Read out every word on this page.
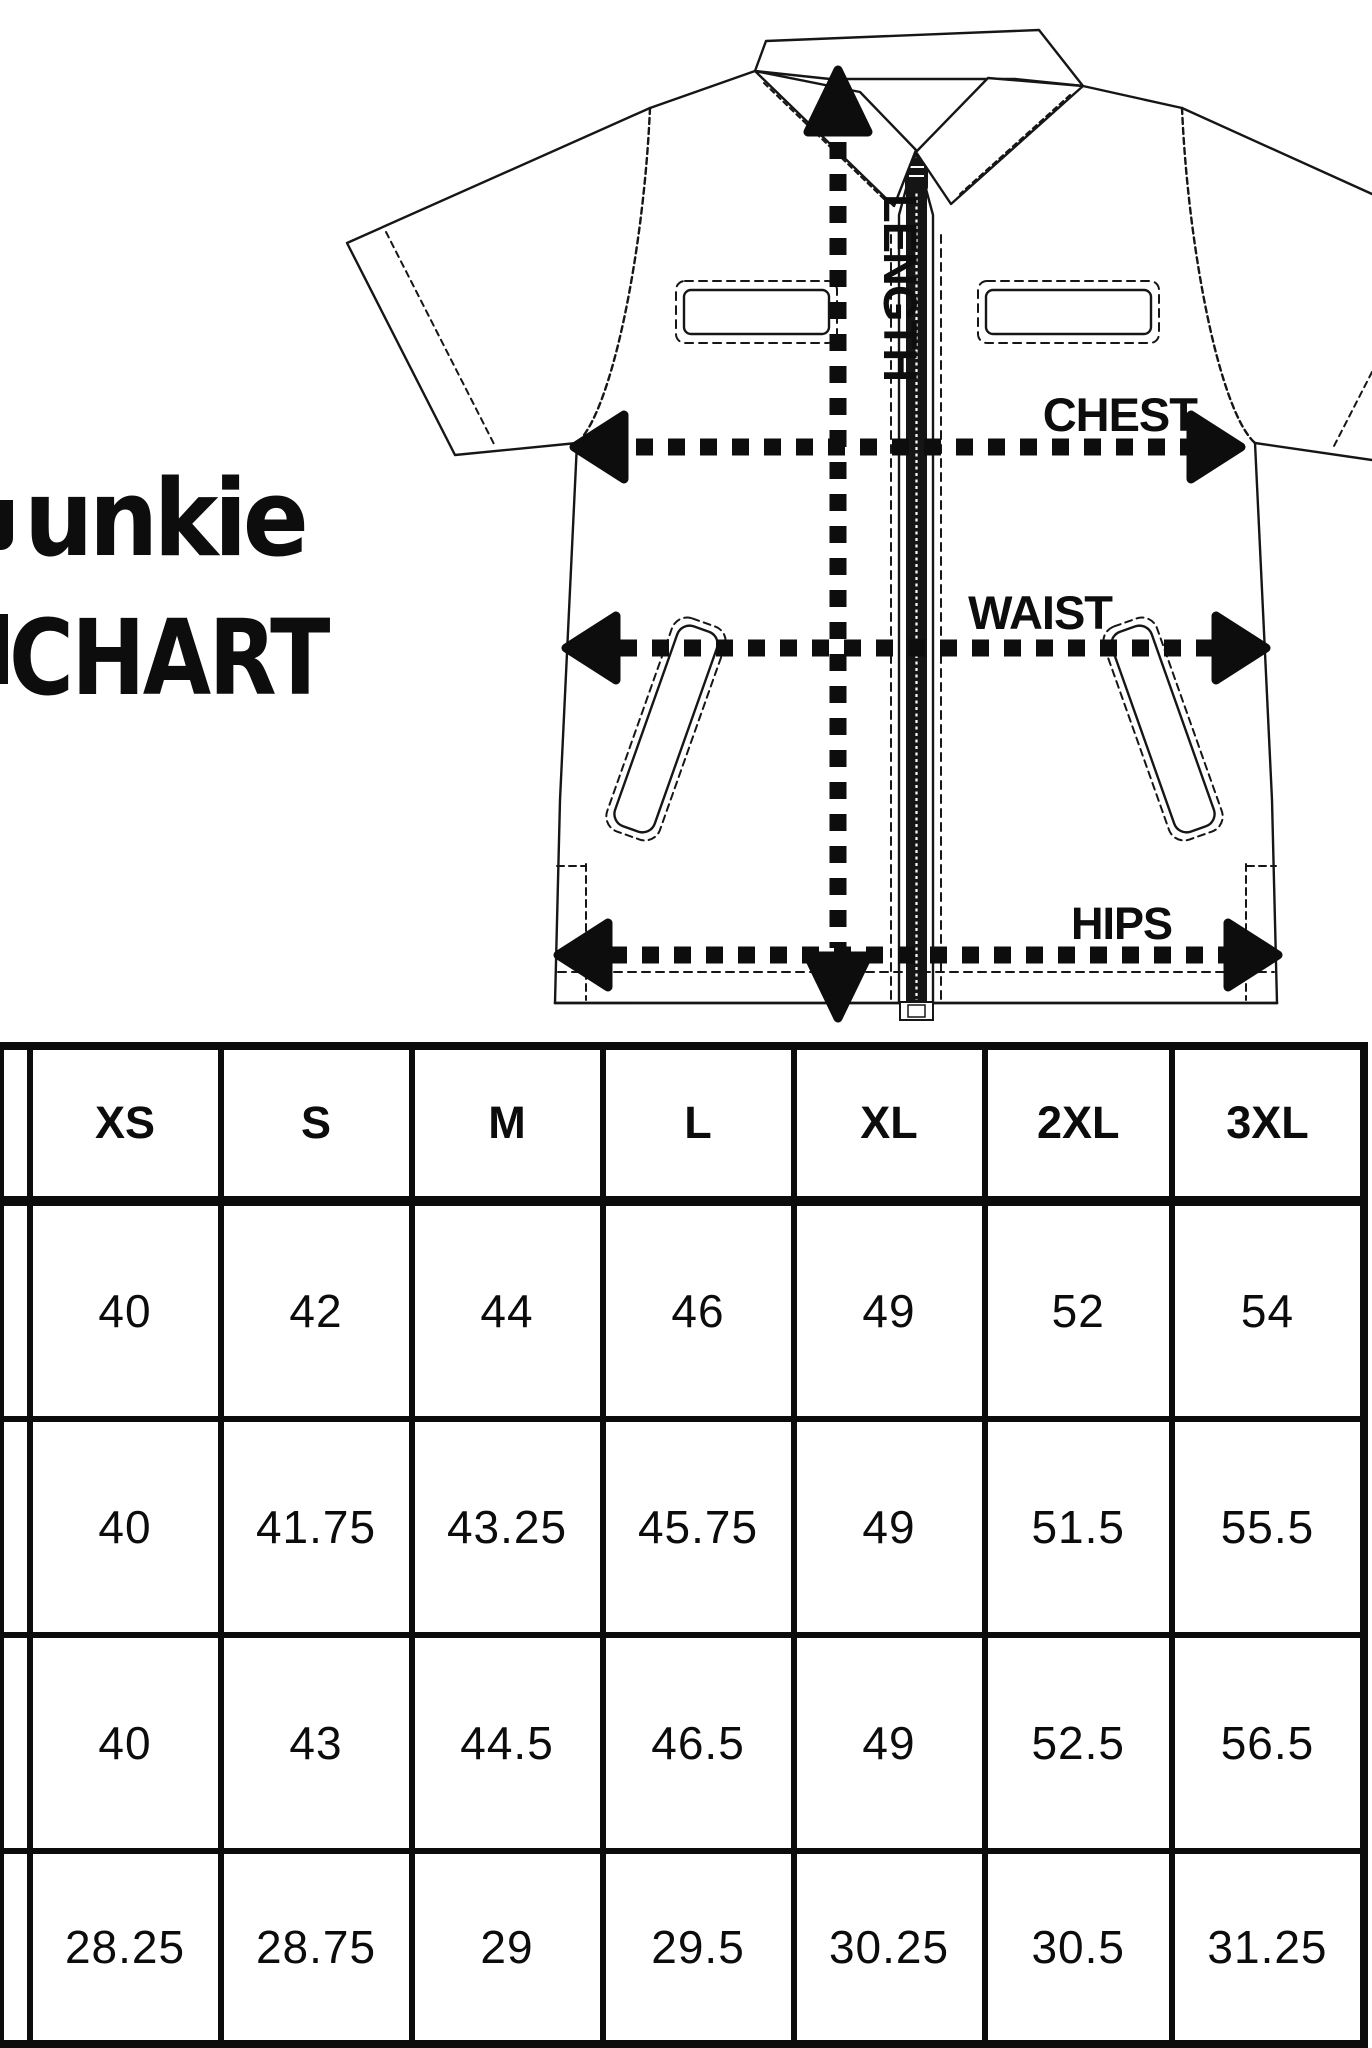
unkie
CHART
LENGTH
CHEST
WAIST
HIPS
	XS	S	M	L	XL	2XL	3XL
	40	42	44	46	49	52	54
	40	41.75	43.25	45.75	49	51.5	55.5
	40	43	44.5	46.5	49	52.5	56.5
	28.25	28.75	29	29.5	30.25	30.5	31.25
